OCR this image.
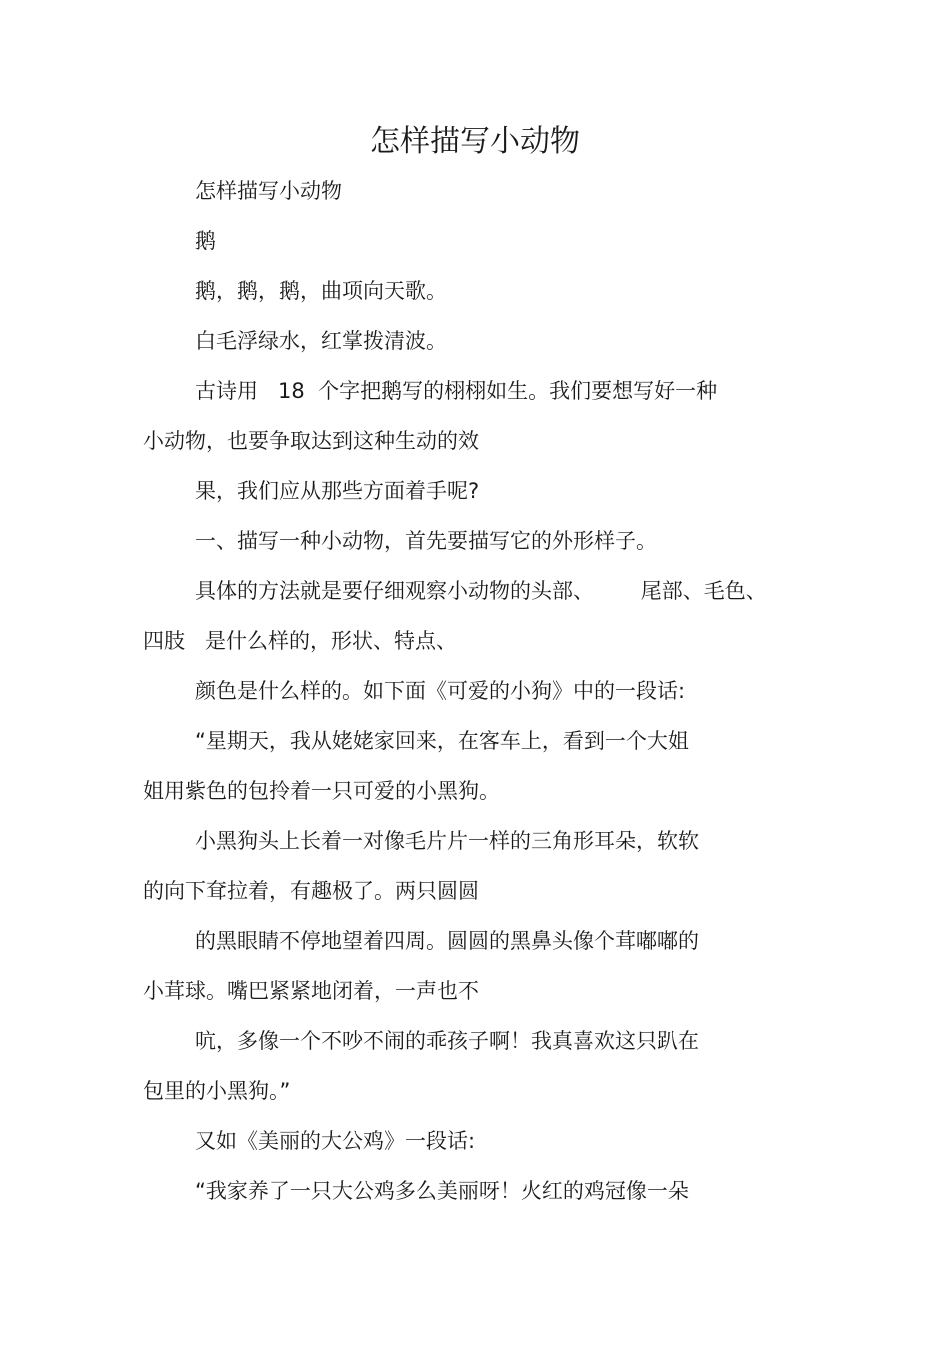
怎样描写小动物
怎样描写小动物
鹅
鹅，鹅，鹅，曲项向天歌。
白毛浮绿水，红掌拨清波。
古诗用   18  个字把鹅写的栩栩如生。我们要想写好一种
小动物，也要争取达到这种生动的效
果，我们应从那些方面着手呢?
一、描写一种小动物，首先要描写它的外形样子。
具体的方法就是要仔细观察小动物的头部、       尾部、毛色、
四肢   是什么样的，形状、特点、
颜色是什么样的。如下面《可爱的小狗》中的一段话:
“星期天，我从姥姥家回来，在客车上，看到一个大姐
姐用紫色的包拎着一只可爱的小黑狗。
小黑狗头上长着一对像毛片片一样的三角形耳朵，软软
的向下耷拉着，有趣极了。两只圆圆
的黑眼睛不停地望着四周。圆圆的黑鼻头像个茸嘟嘟的
小茸球。嘴巴紧紧地闭着，一声也不
吭，多像一个不吵不闹的乖孩子啊！我真喜欢这只趴在
包里的小黑狗。”
又如《美丽的大公鸡》一段话:
“我家养了一只大公鸡多么美丽呀！火红的鸡冠像一朵
